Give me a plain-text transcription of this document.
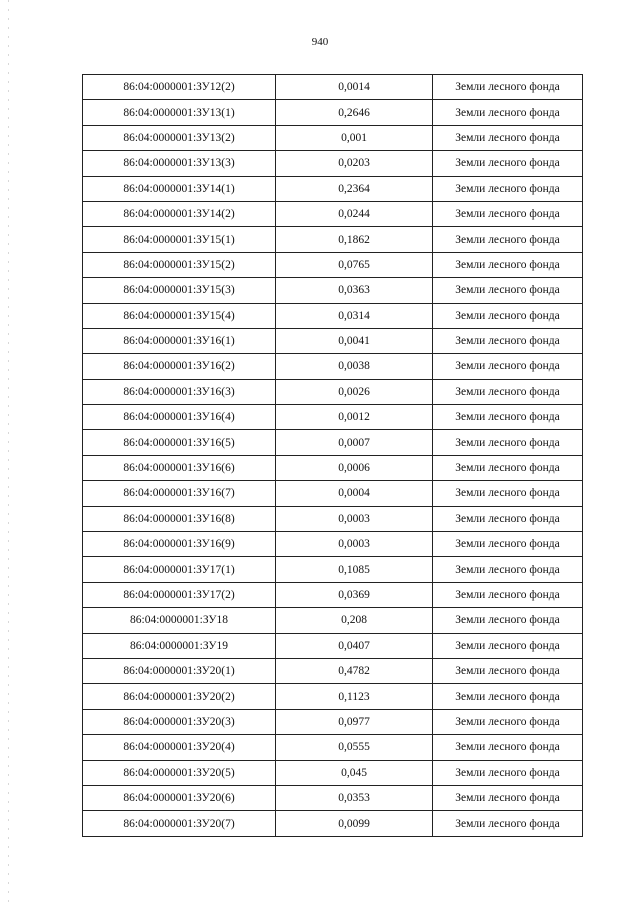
940
86:04:0000001:ЗУ12(2)	0,0014	Земли лесного фонда
86:04:0000001:ЗУ13(1)	0,2646	Земли лесного фонда
86:04:0000001:ЗУ13(2)	0,001	Земли лесного фонда
86:04:0000001:ЗУ13(3)	0,0203	Земли лесного фонда
86:04:0000001:ЗУ14(1)	0,2364	Земли лесного фонда
86:04:0000001:ЗУ14(2)	0,0244	Земли лесного фонда
86:04:0000001:ЗУ15(1)	0,1862	Земли лесного фонда
86:04:0000001:ЗУ15(2)	0,0765	Земли лесного фонда
86:04:0000001:ЗУ15(3)	0,0363	Земли лесного фонда
86:04:0000001:ЗУ15(4)	0,0314	Земли лесного фонда
86:04:0000001:ЗУ16(1)	0,0041	Земли лесного фонда
86:04:0000001:ЗУ16(2)	0,0038	Земли лесного фонда
86:04:0000001:ЗУ16(3)	0,0026	Земли лесного фонда
86:04:0000001:ЗУ16(4)	0,0012	Земли лесного фонда
86:04:0000001:ЗУ16(5)	0,0007	Земли лесного фонда
86:04:0000001:ЗУ16(6)	0,0006	Земли лесного фонда
86:04:0000001:ЗУ16(7)	0,0004	Земли лесного фонда
86:04:0000001:ЗУ16(8)	0,0003	Земли лесного фонда
86:04:0000001:ЗУ16(9)	0,0003	Земли лесного фонда
86:04:0000001:ЗУ17(1)	0,1085	Земли лесного фонда
86:04:0000001:ЗУ17(2)	0,0369	Земли лесного фонда
86:04:0000001:ЗУ18	0,208	Земли лесного фонда
86:04:0000001:ЗУ19	0,0407	Земли лесного фонда
86:04:0000001:ЗУ20(1)	0,4782	Земли лесного фонда
86:04:0000001:ЗУ20(2)	0,1123	Земли лесного фонда
86:04:0000001:ЗУ20(3)	0,0977	Земли лесного фонда
86:04:0000001:ЗУ20(4)	0,0555	Земли лесного фонда
86:04:0000001:ЗУ20(5)	0,045	Земли лесного фонда
86:04:0000001:ЗУ20(6)	0,0353	Земли лесного фонда
86:04:0000001:ЗУ20(7)	0,0099	Земли лесного фонда
